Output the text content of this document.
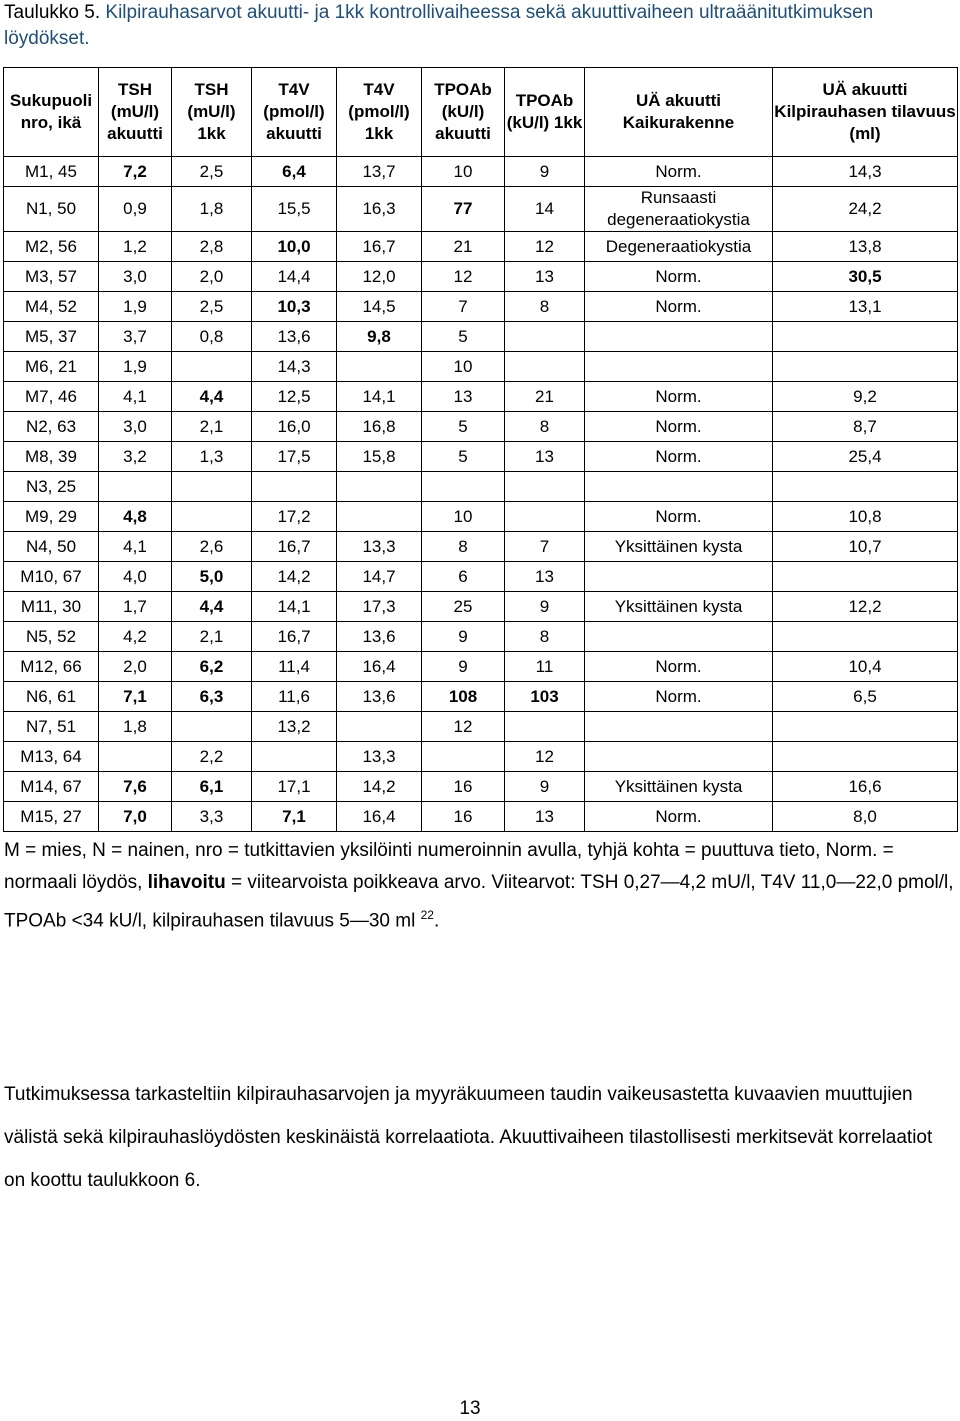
Taulukko 5. Kilpirauhasarvot akuutti- ja 1kk kontrollivaiheessa sekä akuuttivaiheen ultraäänitutkimuksen löydökset.
Sukupuoli nro, ikä	TSH (mU/l) akuutti	TSH (mU/l) 1kk	T4V (pmol/l) akuutti	T4V (pmol/l) 1kk	TPOAb (kU/l) akuutti	TPOAb (kU/l) 1kk	UÄ akuutti Kaikurakenne	UÄ akuutti Kilpirauhasen tilavuus (ml)
M1, 45	7,2	2,5	6,4	13,7	10	9	Norm.	14,3
N1, 50	0,9	1,8	15,5	16,3	77	14	Runsaasti degeneraatiokystia	24,2
M2, 56	1,2	2,8	10,0	16,7	21	12	Degeneraatiokystia	13,8
M3, 57	3,0	2,0	14,4	12,0	12	13	Norm.	30,5
M4, 52	1,9	2,5	10,3	14,5	7	8	Norm.	13,1
M5, 37	3,7	0,8	13,6	9,8	5			
M6, 21	1,9		14,3		10			
M7, 46	4,1	4,4	12,5	14,1	13	21	Norm.	9,2
N2, 63	3,0	2,1	16,0	16,8	5	8	Norm.	8,7
M8, 39	3,2	1,3	17,5	15,8	5	13	Norm.	25,4
N3, 25								
M9, 29	4,8		17,2		10		Norm.	10,8
N4, 50	4,1	2,6	16,7	13,3	8	7	Yksittäinen kysta	10,7
M10, 67	4,0	5,0	14,2	14,7	6	13		
M11, 30	1,7	4,4	14,1	17,3	25	9	Yksittäinen kysta	12,2
N5, 52	4,2	2,1	16,7	13,6	9	8		
M12, 66	2,0	6,2	11,4	16,4	9	11	Norm.	10,4
N6, 61	7,1	6,3	11,6	13,6	108	103	Norm.	6,5
N7, 51	1,8		13,2		12			
M13, 64		2,2		13,3		12		
M14, 67	7,6	6,1	17,1	14,2	16	9	Yksittäinen kysta	16,6
M15, 27	7,0	3,3	7,1	16,4	16	13	Norm.	8,0
M = mies, N = nainen, nro = tutkittavien yksilöinti numeroinnin avulla, tyhjä kohta = puuttuva tieto, Norm. = normaali löydös, lihavoitu = viitearvoista poikkeava arvo. Viitearvot: TSH 0,27—4,2 mU/l, T4V 11,0—22,0 pmol/l, TPOAb <34 kU/l, kilpirauhasen tilavuus 5—30 ml $^{22}$.
Tutkimuksessa tarkasteltiin kilpirauhasarvojen ja myyräkuumeen taudin vaikeusastetta kuvaavien muuttujien välistä sekä kilpirauhaslöydösten keskinäistä korrelaatiota. Akuuttivaiheen tilastollisesti merkitsevät korrelaatiot on koottu taulukkoon 6.
13
